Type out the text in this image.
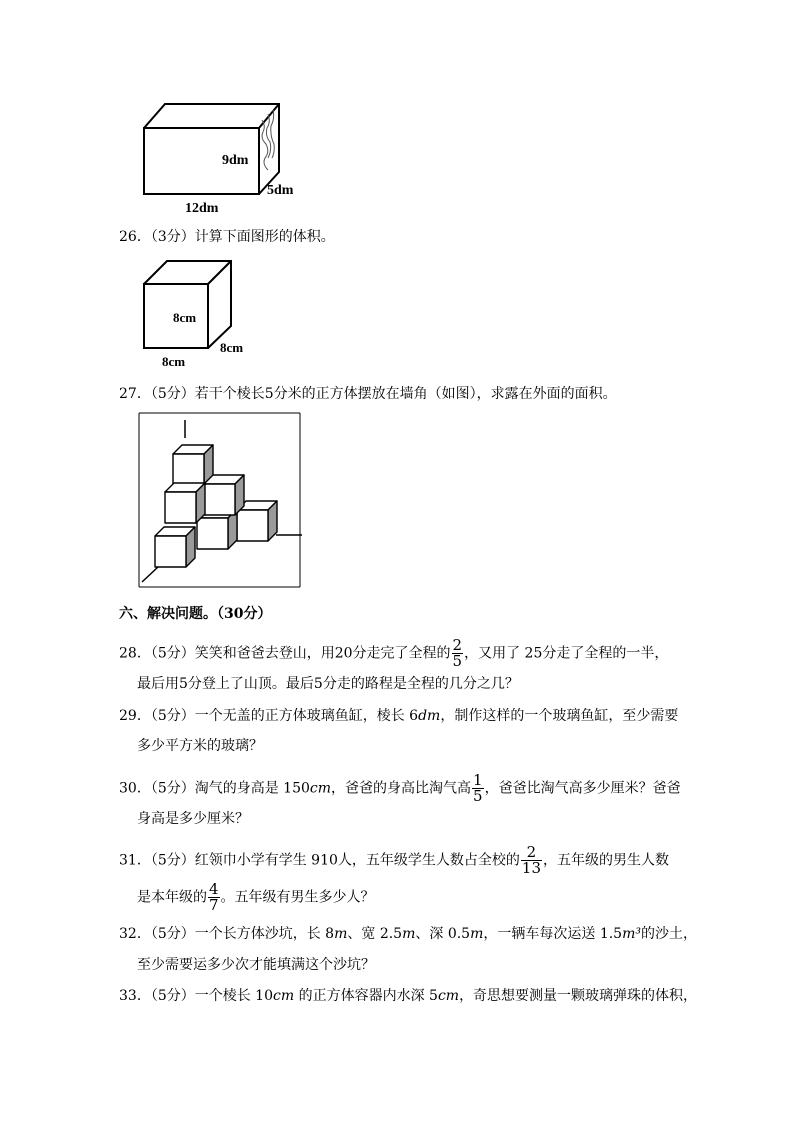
9dm
5dm
12dm
26．（3分）计算下面图形的体积。
8cm
8cm
8cm
27．（5分）若干个棱长5分米的正方体摆放在墙角（如图），求露在外面的面积。
六、解决问题。（30分）
28．（5分）笑笑和爸爸去登山，用20分走完了全程的 $\frac{2}{5}$ ，又用了 25分走了全程的一半，
最后用5分登上了山顶。最后5分走的路程是全程的几分之几？
29．（5分）一个无盖的正方体玻璃鱼缸，棱长 6dm，制作这样的一个玻璃鱼缸，至少需要
多少平方米的玻璃？
30．（5分）淘气的身高是 150cm，爸爸的身高比淘气高 $\frac{1}{5}$ ，爸爸比淘气高多少厘米？爸爸
身高是多少厘米？
31．（5分）红领巾小学有学生 910人，五年级学生人数占全校的 $\frac{2}{13}$ ，五年级的男生人数
是本年级的 $\frac{4}{7}$ 。五年级有男生多少人？
32．（5分）一个长方体沙坑，长 8m、宽 2.5m、深 0.5m，一辆车每次运送 1.5m³的沙土，
至少需要运多少次才能填满这个沙坑？
33．（5分）一个棱长 10cm 的正方体容器内水深 5cm，奇思想要测量一颗玻璃弹珠的体积，
